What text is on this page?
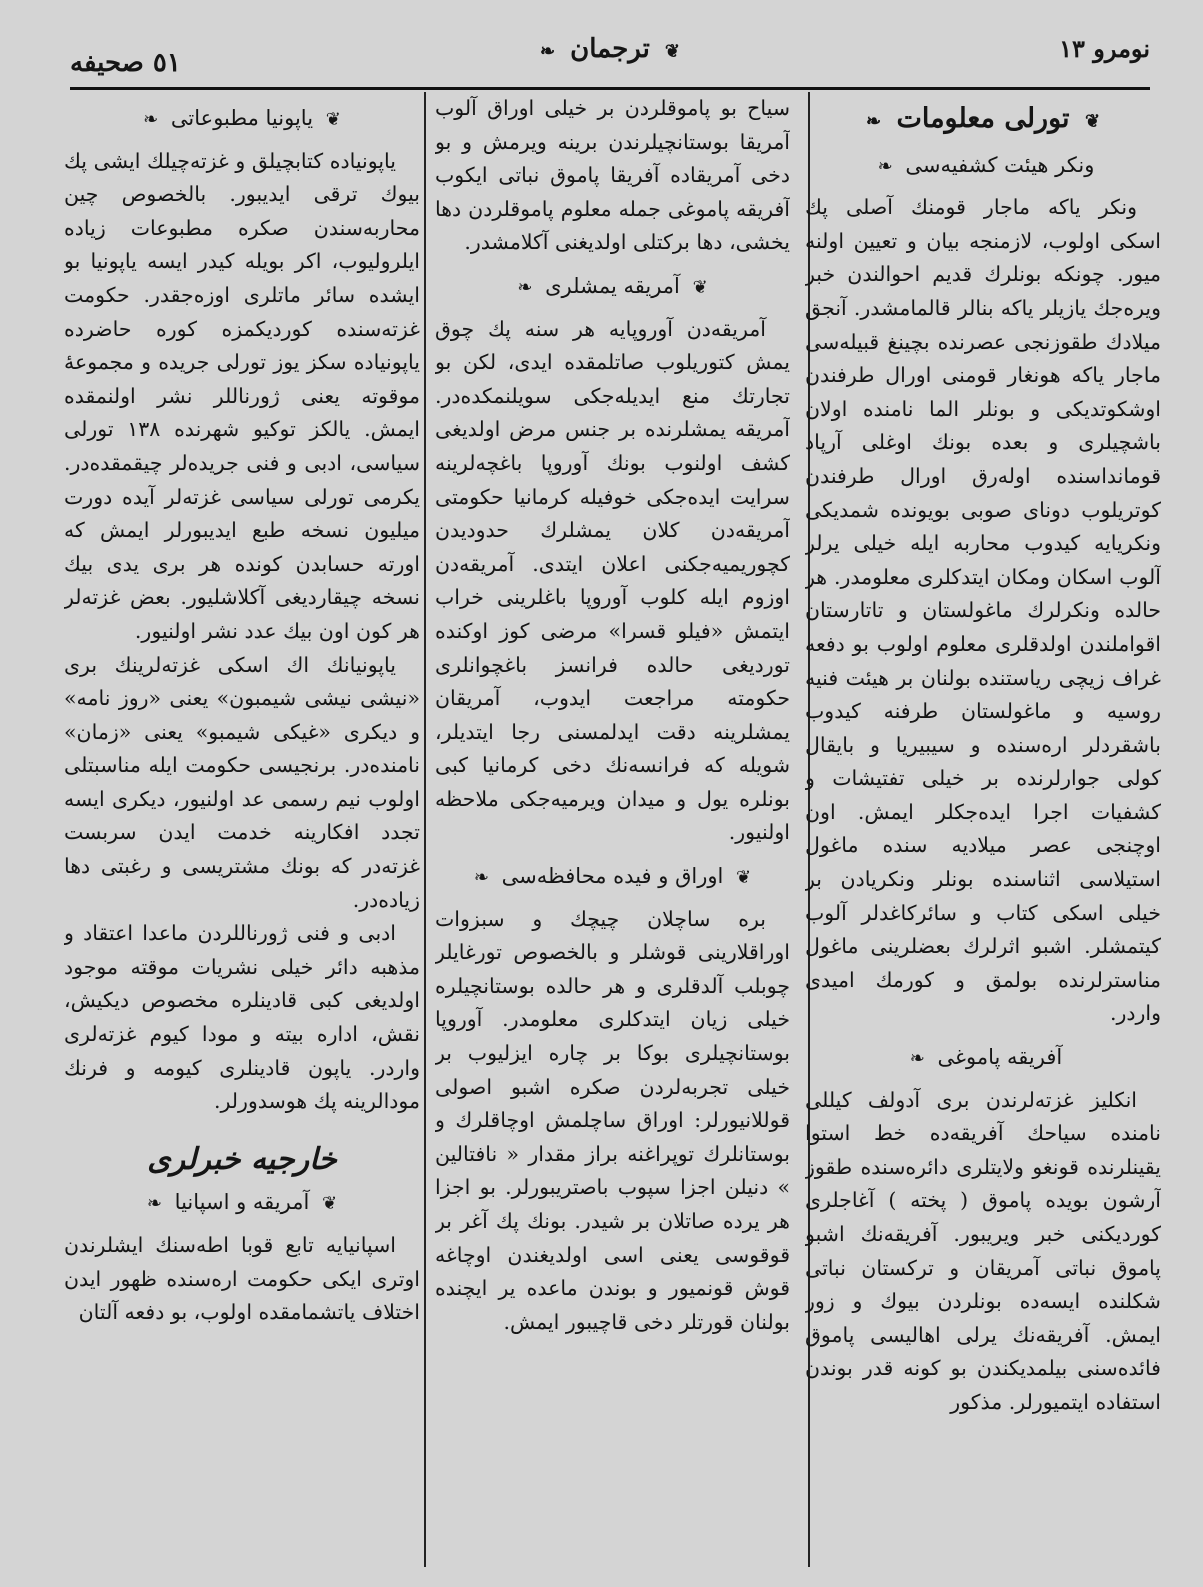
نومرو ١٣
❦ ترجمان ❧
٥١ صحيفه
❦ تورلی معلومات ❧
ونکر هیئت کشفیه‌سی ❧

ونکر یاکه ماجار قومنك آصلی پك اسکی اولوب، لازمنجه بیان و تعیین اولنه میور. چونکه بونلرك قدیم احوالندن خبر ویره‌جك یازیلر یاکه بنالر قالمامشدر. آنجق میلادك طقوزنجی عصرنده بچینغ قبیله‌سی ماجار یاکه هونغار قومنی اورال طرفندن اوشکوتدیکی و بونلر الما نامنده اولان باشچیلری و بعده بونك اوغلی آرپاد قوماندا‌سنده اوله‌رق اورال طرفندن کوتریلوب دونای صوبی بویونده شمدیکی ونکریایه کیدوب محاربه ایله خیلی یرلر آلوب اسکان ومکان ایتدکلری معلومدر. هر حالده ونکرلرك ماغولستان و تاتارستان اقواملندن اولدقلری معلوم اولوب بو دفعه غراف زیچی ریاستنده بولنان بر هیئت فنیه روسیه و ماغولستان طرفنه کیدوب باشقردلر ارەسنده و سیبیریا و بایقال کولی جوارلرنده بر خیلی تفتیشات و کشفیات اجرا ایده‌جکلر ایمش. اون اوچنجی عصر میلادیه سنده ماغول استیلاسی اثناسنده بونلر ونکریادن بر خیلی اسکی کتاب و سائرکاغدلر آلوب کیتمشلر. اشبو اثرلرك بعضلرینی ماغول مناسترلرنده بولمق و کورمك امیدی واردر.

آفریقه پاموغی ❧

انکلیز غزته‌لرندن بری آدولف کیللی نامنده سیاحك آفریقه‌ده خط استوا یقینلرنده قونغو ولایتلری دائره‌سنده طقوز آرشون بویده پاموق ( پخته ) آغاجلری کوردیکنی خبر ویریبور. آفریقه‌نك اشبو پاموق نباتی آمریقان و ترکستان نباتی شکلنده ایسه‌ده بونلردن بیوك و زور ایمش. آفریقه‌نك یرلی اهالیسی پاموق فائده‌سنی بیلمدیکندن بو کونه قدر بوندن استفاده ایتمیورلر. مذکور

سیاح بو پاموقلردن بر خیلی اوراق آلوب آمریقا بوستانچیلرندن برینه ویرمش و بو دخی آمریقاده آفریقا پاموق نباتی ایکوب آفریقه پاموغی جمله معلوم پاموقلردن دها یخشی، دها برکتلی اولدیغنی آکلامشدر.

❦ آمریقه یمشلری ❧

آمریقه‌دن آوروپایه هر سنه پك چوق یمش کتوریلوب صاتلمقده ایدی، لکن بو تجارتك منع ایدیله‌جکی سویلنمکده‌در. آمریقه یمشلرنده بر جنس مرض اولدیغی کشف اولنوب بونك آوروپا باغچه‌لرینه سرایت ایده‌جکی خوفیله کرمانیا حکومتی آمریقه‌دن کلان یمشلرك حدودیدن کچوریمیه‌جکنی اعلان ایتدی. آمریقه‌دن اوزوم ایله کلوب آوروپا باغلرینی خراب ایتمش «فیلو قسرا» مرضی کوز اوکنده توردیغی حالده فرانسز باغچوانلری حکومته مراجعت ایدوب، آمریقان یمشلرینه دقت ایدلمسنی رجا ایتدیلر، شویله که فرانسه‌نك دخی کرمانیا کبی بونلره یول و میدان ویرمیه‌جکی ملاحظه اولنیور.

❦ اوراق و فیده محافظه‌سی ❧

بره ساچلان چیچك و سبزوات اوراقلارینی قوشلر و بالخصوص تورغایلر چوبلب آلدقلری و هر حالده بوستانچیلره خیلی زیان ایتدکلری معلومدر. آوروپا بوستانچیلری بوکا بر چاره ایزلیوب بر خیلی تجربه‌لردن صکره اشبو اصولی قوللانیورلر: اوراق ساچلمش اوچاقلرك و بوستانلرك توپراغنه براز مقدار « نافتالین » دنیلن اجزا سپوب باصتریبورلر. بو اجزا هر یرده صاتلان بر شیدر. بونك پك آغر بر قوقوسی یعنی اسی اولدیغندن اوچاغه قوش قونمیور و بوندن ماعده یر ایچنده بولنان قورتلر دخی قاچیبور ایمش.

❦ یاپونیا مطبوعاتی ❧

یاپونیاده کتابچیلق و غزته‌چیلك ایشی پك بیوك ترقی ایدیبور. بالخصوص چین محاربه‌سندن صکره مطبوعات زیاده ایلرولیوب، اکر بویله کیدر ایسه یاپونیا بو ایشده سائر ماتلری اوزه‌جقدر. حکومت غزته‌سنده کوردیکمزه کوره حاضرده یاپونیاده سکز یوز تورلی جریده و مجموعهٔ موقوته یعنی ژورناللر نشر اولنمقده ایمش. یالکز توکیو شهرنده ١٣٨ تورلی سیاسی، ادبی و فنی جریده‌لر چیقمقده‌در. یکرمی تورلی سیاسی غزته‌لر آیده دورت میلیون نسخه طبع ایدیبورلر ایمش که اورته حسابدن کونده هر بری یدی بیك نسخه چیقاردیغی آکلاشلیور. بعض غزته‌لر هر کون اون بیك عدد نشر اولنیور.

یاپونیانك اك اسکی غزته‌لرینك بری «نیشی نیشی شیمبون» یعنی «روز نامه» و دیکری «غیکی شیمبو» یعنی «زمان» نامنده‌در. برنجیسی حکومت ایله مناسبتلی اولوب نیم رسمی عد اولنیور، دیکری ایسه تجدد افکارینه خدمت ایدن سربست غزته‌در که بونك مشتریسی و رغبتی دها زیاده‌در.

ادبی و فنی ژورناللردن ماعدا اعتقاد و مذهبه دائر خیلی نشریات موقته موجود اولدیغی کبی قادینلره مخصوص دیکیش، نقش، اداره بیته و مودا کیوم غزته‌لری واردر. یاپون قادینلری کیومه و فرنك مودالرینه پك هوسدورلر.

خارجیه خبرلری
❦ آمریقه و اسپانیا ❧

اسپانیایه تابع قوبا اطه‌سنك ایشلرندن اوتری ایکی حکومت ارەسنده ظهور ایدن اختلاف یاتشمامقده اولوب، بو دفعه آلتان
